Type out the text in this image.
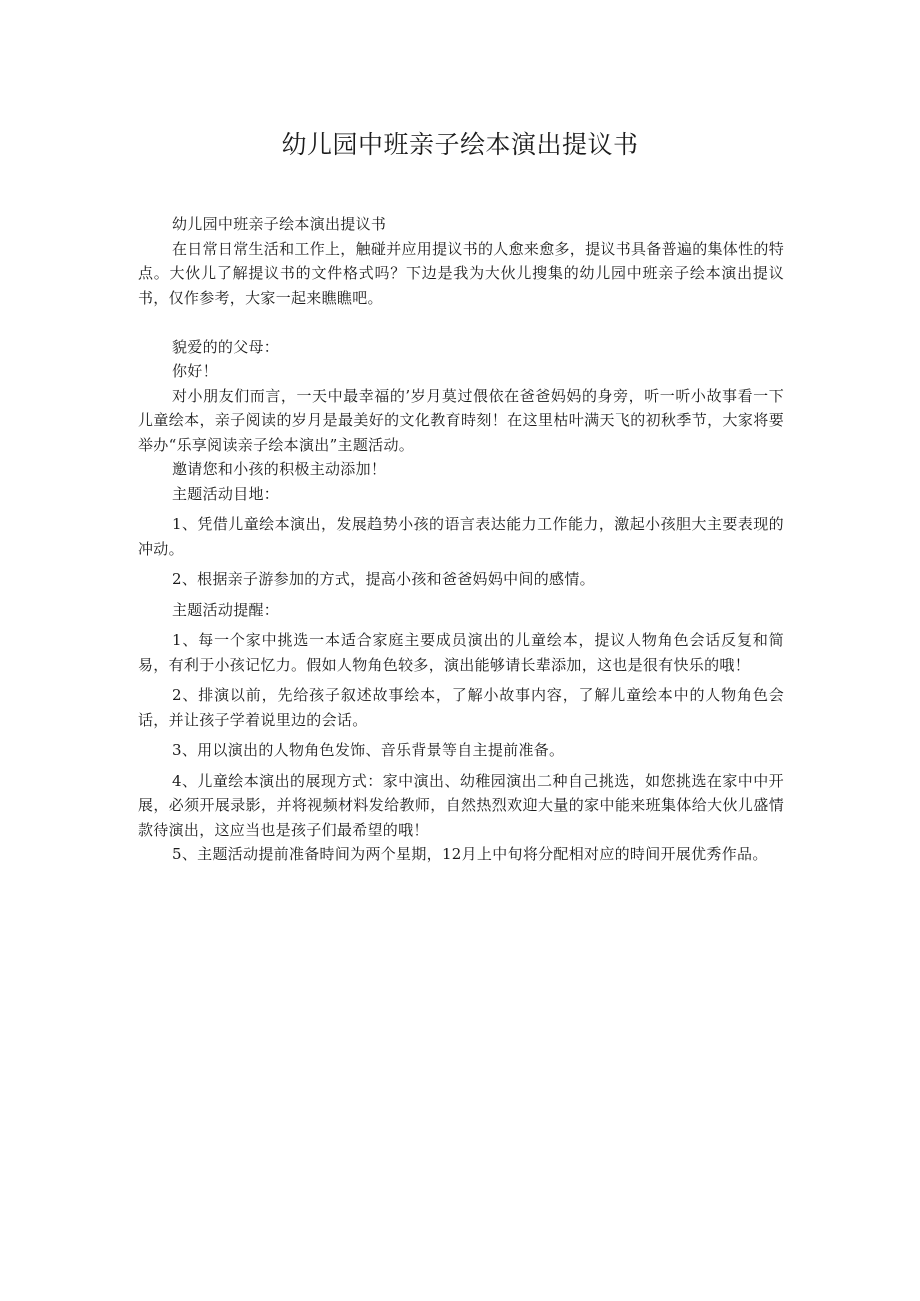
幼儿园中班亲子绘本演出提议书

幼儿园中班亲子绘本演出提议书

在日常日常生活和工作上，触碰并应用提议书的人愈来愈多，提议书具备普遍的集体性的特点。大伙儿了解提议书的文件格式吗？下边是我为大伙儿搜集的幼儿园中班亲子绘本演出提议书，仅作参考，大家一起来瞧瞧吧。

貌爱的的父母：

你好！

对小朋友们而言，一天中最幸福的’岁月莫过偎依在爸爸妈妈的身旁，听一听小故事看一下儿童绘本，亲子阅读的岁月是最美好的文化教育時刻！在这里枯叶满天飞的初秋季节，大家将要举办“乐享阅读亲子绘本演出”主题活动。

邀请您和小孩的积极主动添加！

主题活动目地：

1、凭借儿童绘本演出，发展趋势小孩的语言表达能力工作能力，激起小孩胆大主要表现的冲动。

2、根据亲子游参加的方式，提高小孩和爸爸妈妈中间的感情。

主题活动提醒：

1、每一个家中挑选一本适合家庭主要成员演出的儿童绘本，提议人物角色会话反复和简易，有利于小孩记忆力。假如人物角色较多，演出能够请长辈添加，这也是很有快乐的哦！

2、排演以前，先给孩子叙述故事绘本，了解小故事内容，了解儿童绘本中的人物角色会话，并让孩子学着说里边的会话。

3、用以演出的人物角色发饰、音乐背景等自主提前准备。

4、儿童绘本演出的展现方式：家中演出、幼稚园演出二种自己挑选，如您挑选在家中中开展，必须开展录影，并将视频材料发给教师，自然热烈欢迎大量的家中能来班集体给大伙儿盛情款待演出，这应当也是孩子们最希望的哦！

5、主题活动提前准备時间为两个星期，12月上中旬将分配相对应的時间开展优秀作品。
